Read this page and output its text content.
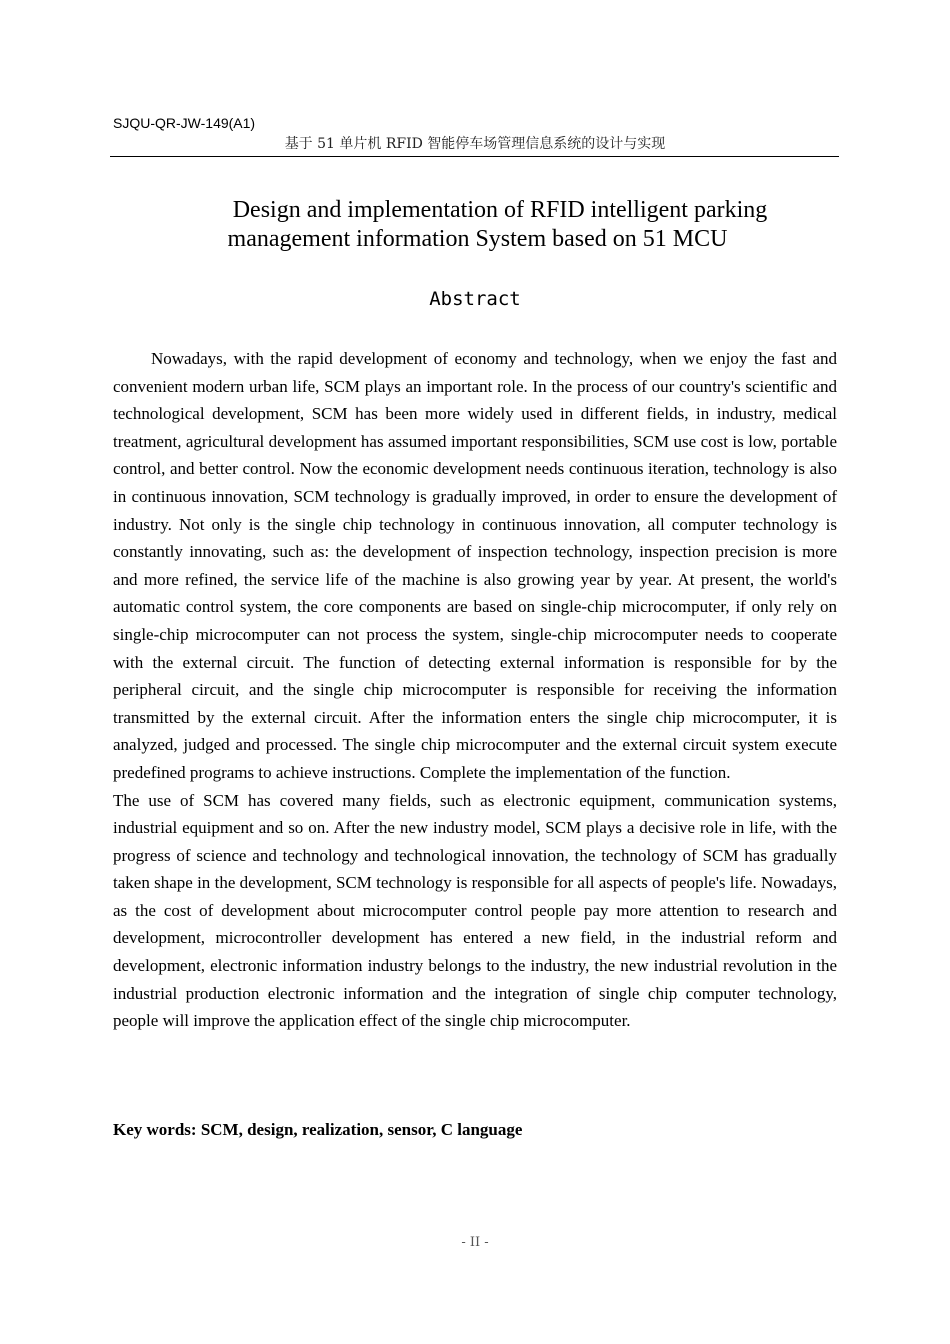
SJQU-QR-JW-149(A1)
基于 51 单片机 RFID 智能停车场管理信息系统的设计与实现
Design and implementation of RFID intelligent parking
management information System based on 51 MCU
Abstract

Nowadays, with the rapid development of economy and technology, when we enjoy the fast and convenient modern urban life, SCM plays an important role. In the process of our country's scientific and technological development, SCM has been more widely used in different fields, in industry, medical treatment, agricultural development has assumed important responsibilities, SCM use cost is low, portable control, and better control. Now the economic development needs continuous iteration, technology is also in continuous innovation, SCM technology is gradually improved, in order to ensure the development of industry. Not only is the single chip technology in continuous innovation, all computer technology is constantly innovating, such as: the development of inspection technology, inspection precision is more and more refined, the service life of the machine is also growing year by year. At present, the world's automatic control system, the core components are based on single-chip microcomputer, if only rely on single-chip microcomputer can not process the system, single-chip microcomputer needs to cooperate with the external circuit. The function of detecting external information is responsible for by the peripheral circuit, and the single chip microcomputer is responsible for receiving the information transmitted by the external circuit. After the information enters the single chip microcomputer, it is analyzed, judged and processed. The single chip microcomputer and the external circuit system execute predefined programs to achieve instructions. Complete the implementation of the function.

The use of SCM has covered many fields, such as electronic equipment, communication systems, industrial equipment and so on. After the new industry model, SCM plays a decisive role in life, with the progress of science and technology and technological innovation, the technology of SCM has gradually taken shape in the development, SCM technology is responsible for all aspects of people's life. Nowadays, as the cost of development about microcomputer control people pay more attention to research and development, microcontroller development has entered a new field, in the industrial reform and development, electronic information industry belongs to the industry, the new industrial revolution in the industrial production electronic information and the integration of single chip computer technology, people will improve the application effect of the single chip microcomputer.

Key words: SCM, design, realization, sensor, C language
- II -
